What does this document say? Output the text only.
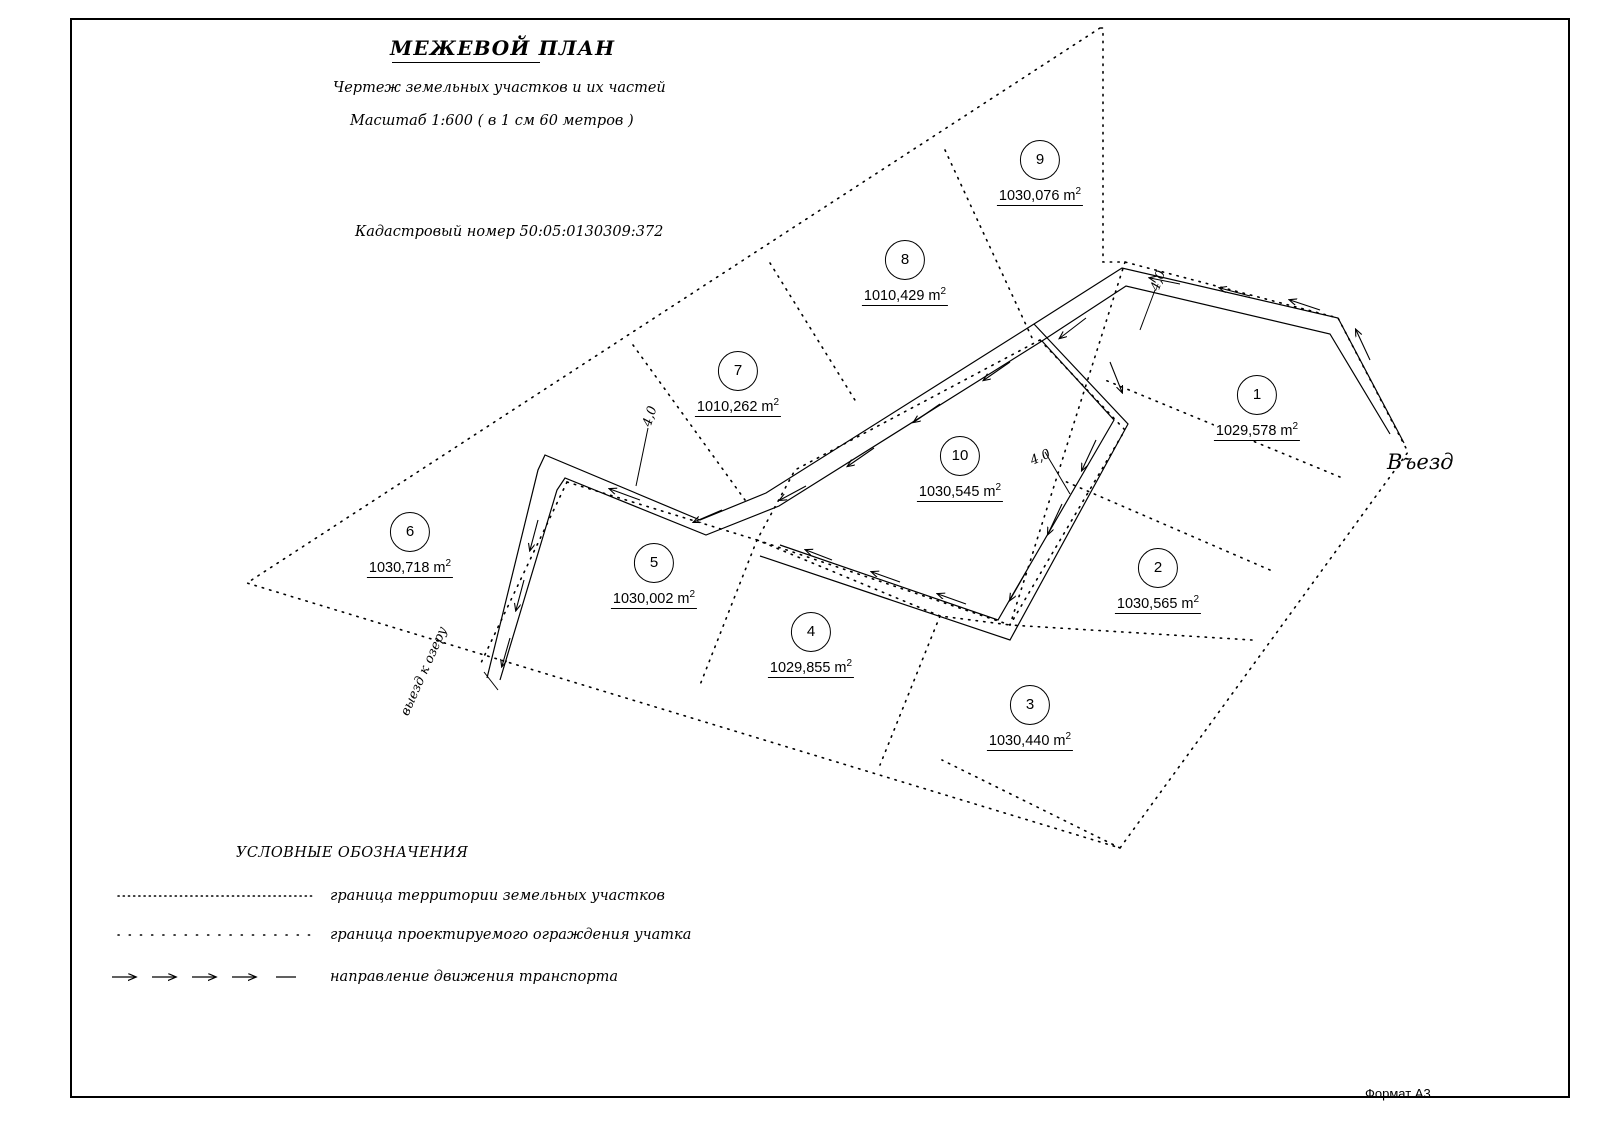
МЕЖЕВОЙ ПЛАН
Чертеж земельных участков и их частей
Масштаб 1:600 ( в 1 см 60 метров )
Кадастровый номер 50:05:0130309:372
9
1030,076 $m^2$
8
1010,429 $m^2$
7
1010,262 $m^2$
6
1030,718 $m^2$	5
1030,002 $m^2$
4
1029,855 $m^2$
3
1030,440 $m^2$
2
1030,565 $m^2$
1
1029,578 $m^2$
10
1030,545 $m^2$
Въезд
выезд к озеру
4,0
4,0
4,0
УСЛОВНЫЕ ОБОЗНАЧЕНИЯ
граница территории земельных участков
граница проектируемого ограждения учатка
направление движения транспорта
Формат А3
